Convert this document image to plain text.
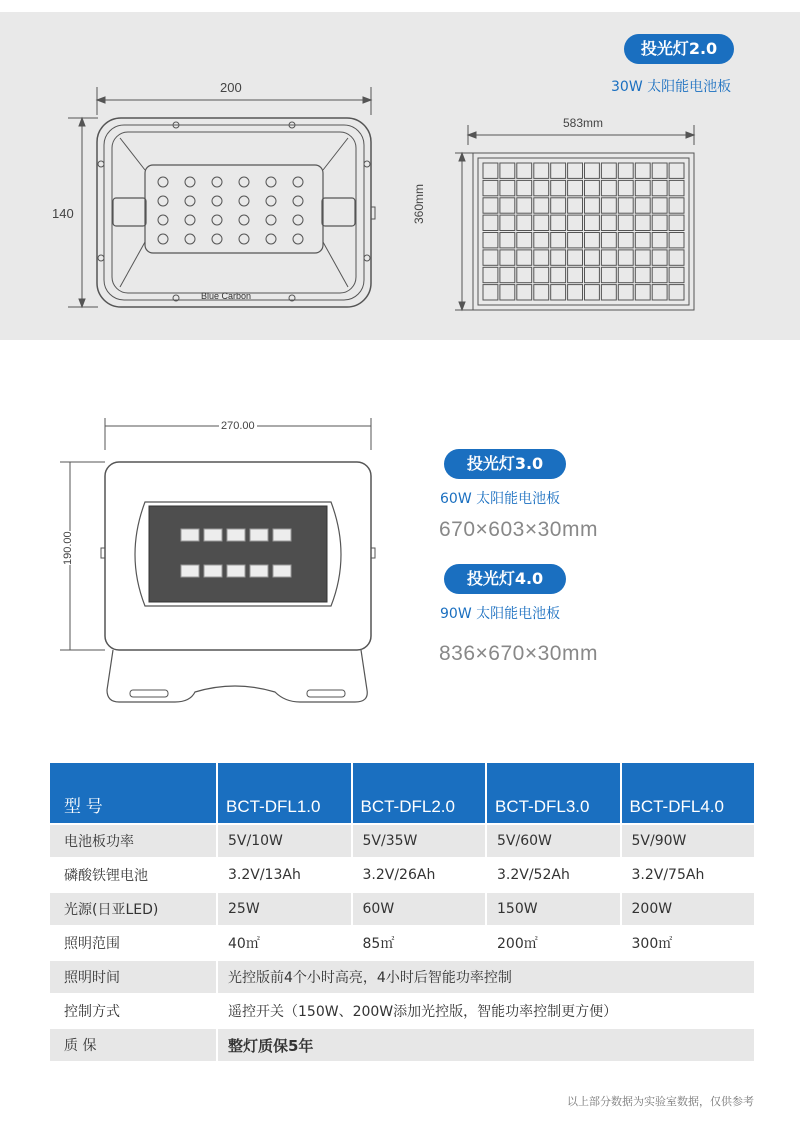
200
140
Blue Carbon
583mm
360mm
投光灯2.0
30W 太阳能电池板
270.00
190.00
投光灯3.0
60W 太阳能电池板
670×603×30mm
投光灯4.0
90W 太阳能电池板
836×670×30mm
型 号	BCT-DFL1.0	BCT-DFL2.0	BCT-DFL3.0	BCT-DFL4.0
电池板功率	5V/10W	5V/35W	5V/60W	5V/90W
磷酸铁锂电池	3.2V/13Ah	3.2V/26Ah	3.2V/52Ah	3.2V/75Ah
光源(日亚LED)	25W	60W	150W	200W
照明范围	40㎡	85㎡	200㎡	300㎡
照明时间	光控版前4个小时高亮，4小时后智能功率控制			
控制方式	遥控开关（150W、200W添加光控版，智能功率控制更方便）			
质 保	整灯质保5年			
以上部分数据为实验室数据，仅供参考
